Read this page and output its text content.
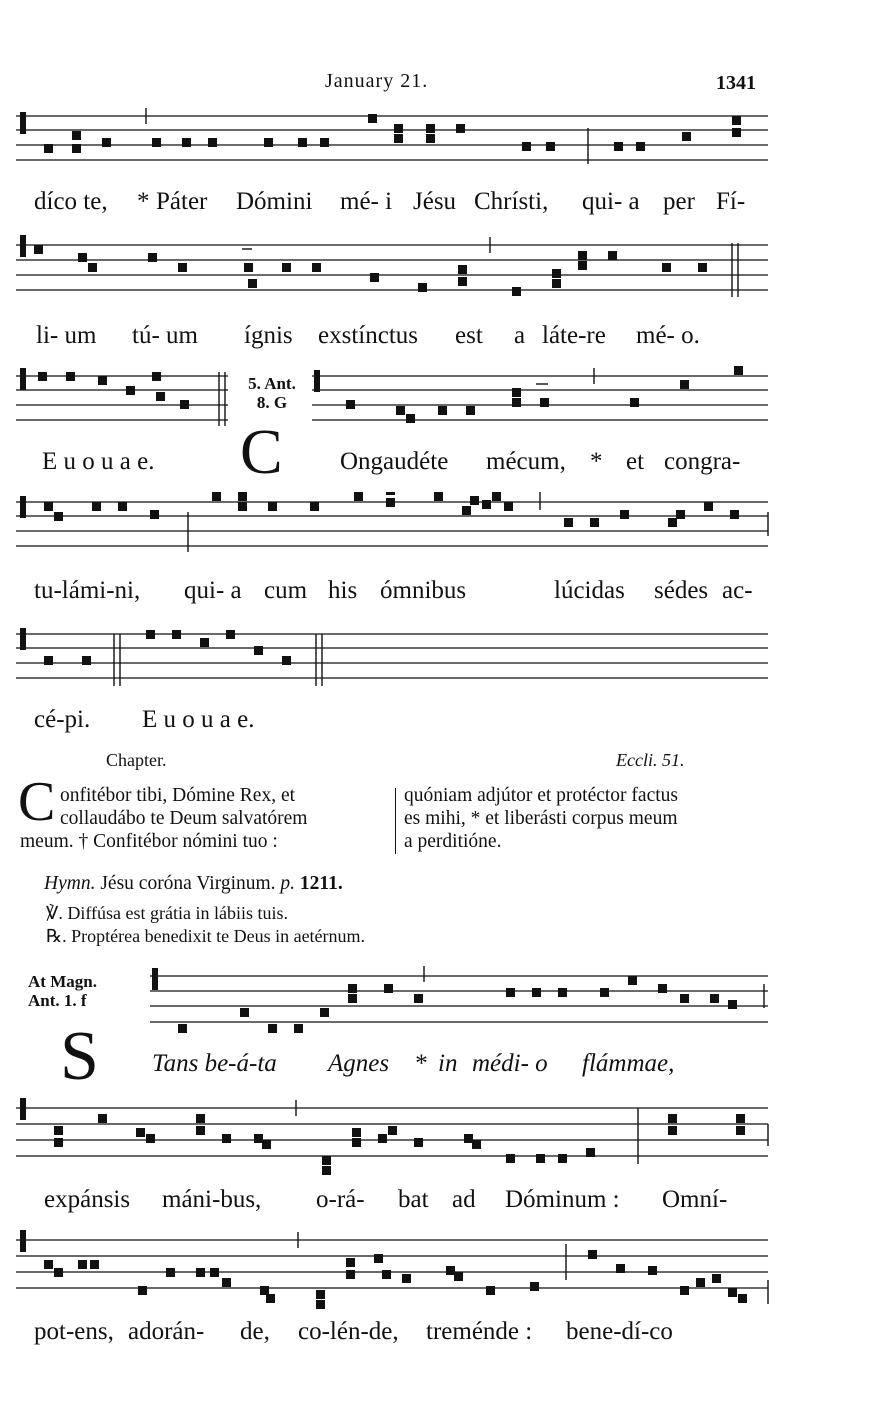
January 21.	1341
díco te, * Páter Dómini mé- i Jésu Chrísti, qui- a per Fí-
li- um tú- um ígnis exstínctus est a láte-re mé- o.
5. Ant.
8. G
C
E u o u a e.	Ongaudéte mécum, * et congra-
tu-lámi-ni, qui- a cum his ómnibus	lúcidas sédes ac-
cé-pi. E u o u a e.
Chapter.	Eccli. 51.
C onfitébor tibi, Dómine Rex, et
collaudábo te Deum salvatórem
meum. † Confitébor nómini tuo :
quóniam adjútor et protéctor factus
es mihi, * et liberásti corpus meum
a perditióne.
Hymn. Jésu coróna Virginum. p. 1211.
℣. Diffúsa est grátia in lábiis tuis.
℞. Proptérea benedixit te Deus in aetérnum.
At Magn.
Ant. 1. f
S Tans be-á-ta Agnes * in médi- o flámmae,
expánsis máni-bus, o-rá- bat ad Dóminum : Omní-
pot-ens, adorán- de, co-lén-de, treménde : bene-dí-co
